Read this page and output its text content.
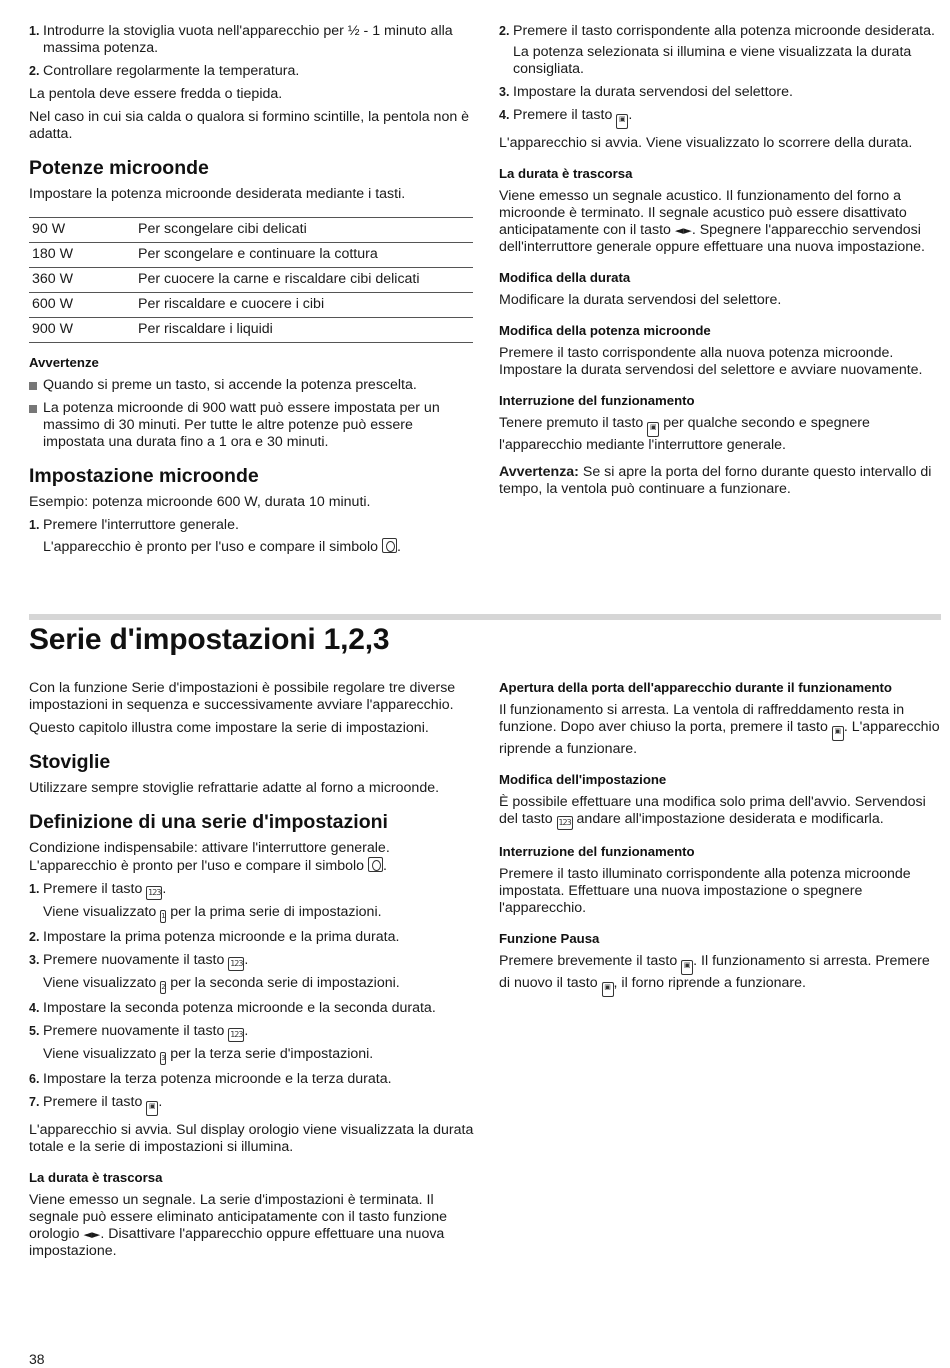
1. Introdurre la stoviglia vuota nell'apparecchio per ½ - 1 minuto alla massima potenza.
2. Controllare regolarmente la temperatura.

La pentola deve essere fredda o tiepida.

Nel caso in cui sia calda o qualora si formino scintille, la pentola non è adatta.

Potenze microonde

Impostare la potenza microonde desiderata mediante i tasti.

90 W	Per scongelare cibi delicati
180 W	Per scongelare e continuare la cottura
360 W	Per cuocere la carne e riscaldare cibi delicati
600 W	Per riscaldare e cuocere i cibi
900 W	Per riscaldare i liquidi
Avvertenze
Quando si preme un tasto, si accende la potenza prescelta.
La potenza microonde di 900 watt può essere impostata per un massimo di 30 minuti. Per tutte le altre potenze può essere impostata una durata fino a 1 ora e 30 minuti.
Impostazione microonde

Esempio: potenza microonde 600 W, durata 10 minuti.

1. Premere l'interruttore generale.
L'apparecchio è pronto per l'uso e compare il simbolo .
2. Premere il tasto corrispondente alla potenza microonde desiderata.
La potenza selezionata si illumina e viene visualizzata la durata consigliata.
3. Impostare la durata servendosi del selettore.
4. Premere il tasto ▣ .

L'apparecchio si avvia. Viene visualizzato lo scorrere della durata.

La durata è trascorsa

Viene emesso un segnale acustico. Il funzionamento del forno a microonde è terminato. Il segnale acustico può essere disattivato anticipatamente con il tasto ◄►. Spegnere l'apparecchio servendosi dell'interruttore generale oppure effettuare una nuova impostazione.

Modifica della durata

Modificare la durata servendosi del selettore.

Modifica della potenza microonde

Premere il tasto corrispondente alla nuova potenza microonde. Impostare la durata servendosi del selettore e avviare nuovamente.

Interruzione del funzionamento

Tenere premuto il tasto ▣ per qualche secondo e spegnere l'apparecchio mediante l'interruttore generale.

Avvertenza: Se si apre la porta del forno durante questo intervallo di tempo, la ventola può continuare a funzionare.

Serie d'impostazioni 1,2,3

Con la funzione Serie d'impostazioni è possibile regolare tre diverse impostazioni in sequenza e successivamente avviare l'apparecchio.

Questo capitolo illustra come impostare la serie di impostazioni.

Stoviglie

Utilizzare sempre stoviglie refrattarie adatte al forno a microonde.

Definizione di una serie d'impostazioni

Condizione indispensabile: attivare l'interruttore generale. L'apparecchio è pronto per l'uso e compare il simbolo .

1. Premere il tasto 123 .
Viene visualizzato 1 per la prima serie di impostazioni.
2. Impostare la prima potenza microonde e la prima durata.
3. Premere nuovamente il tasto 123 .
Viene visualizzato 2 per la seconda serie di impostazioni.
4. Impostare la seconda potenza microonde e la seconda durata.
5. Premere nuovamente il tasto 123 .
Viene visualizzato 3 per la terza serie d'impostazioni.
6. Impostare la terza potenza microonde e la terza durata.
7. Premere il tasto ▣ .

L'apparecchio si avvia. Sul display orologio viene visualizzata la durata totale e la serie di impostazioni si illumina.

La durata è trascorsa

Viene emesso un segnale. La serie d'impostazioni è terminata. Il segnale può essere eliminato anticipatamente con il tasto funzione orologio ◄►. Disattivare l'apparecchio oppure effettuare una nuova impostazione.

Apertura della porta dell'apparecchio durante il funzionamento

Il funzionamento si arresta. La ventola di raffreddamento resta in funzione. Dopo aver chiuso la porta, premere il tasto ▣ . L'apparecchio riprende a funzionare.

Modifica dell'impostazione

È possibile effettuare una modifica solo prima dell'avvio. Servendosi del tasto 123 andare all'impostazione desiderata e modificarla.

Interruzione del funzionamento

Premere il tasto illuminato corrispondente alla potenza microonde impostata. Effettuare una nuova impostazione o spegnere l'apparecchio.

Funzione Pausa

Premere brevemente il tasto ▣ . Il funzionamento si arresta. Premere di nuovo il tasto ▣ , il forno riprende a funzionare.

38
